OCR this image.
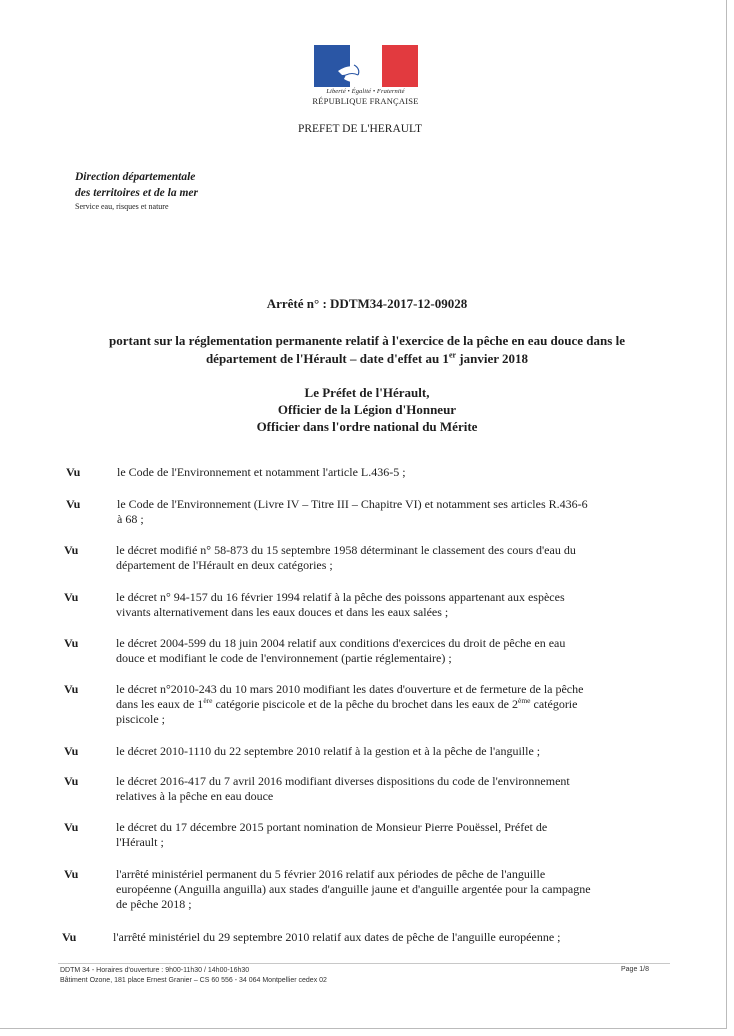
Liberté • Égalité • Fraternité
RÉPUBLIQUE FRANÇAISE
PREFET DE L'HERAULT
Direction départementale
des territoires et de la mer
Service eau, risques et nature
Arrêté n° : DDTM34-2017-12-09028
portant sur la réglementation permanente relatif à l'exercice de la pêche en eau douce dans le
département de l'Hérault – date d'effet au 1er janvier 2018
Le Préfet de l'Hérault,
Officier de la Légion d'Honneur
Officier dans l'ordre national du Mérite
Vu	le Code de l'Environnement et notamment l'article L.436-5 ;
Vu	le Code de l'Environnement (Livre IV – Titre III – Chapitre VI) et notamment ses articles R.436-6
à 68 ;
Vu	le décret modifié n° 58-873 du 15 septembre 1958 déterminant le classement des cours d'eau du
département de l'Hérault en deux catégories ;
Vu	le décret n° 94-157 du 16 février 1994 relatif à la pêche des poissons appartenant aux espèces
vivants alternativement dans les eaux douces et dans les eaux salées ;
Vu	le décret 2004-599 du 18 juin 2004 relatif aux conditions d'exercices du droit de pêche en eau
douce et modifiant le code de l'environnement (partie réglementaire) ;
Vu	le décret n°2010-243 du 10 mars 2010 modifiant les dates d'ouverture et de fermeture de la pêche
dans les eaux de 1ère catégorie piscicole et de la pêche du brochet dans les eaux de 2ème catégorie
piscicole ;
Vu	le décret 2010-1110 du 22 septembre 2010 relatif à la gestion et à la pêche de l'anguille ;
Vu	le décret 2016-417 du 7 avril 2016 modifiant diverses dispositions du code de l'environnement
relatives à la pêche en eau douce
Vu	le décret du 17 décembre 2015 portant nomination de Monsieur Pierre Pouëssel, Préfet de
l'Hérault ;
Vu	l'arrêté ministériel permanent du 5 février 2016 relatif aux périodes de pêche de l'anguille
européenne (Anguilla anguilla) aux stades d'anguille jaune et d'anguille argentée pour la campagne
de pêche 2018 ;
Vu	l'arrêté ministériel du 29 septembre 2010 relatif aux dates de pêche de l'anguille européenne ;
DDTM 34 - Horaires d'ouverture : 9h00-11h30 / 14h00-16h30
Bâtiment Ozone, 181 place Ernest Granier – CS 60 556 - 34 064 Montpellier cedex 02
Page 1/8
